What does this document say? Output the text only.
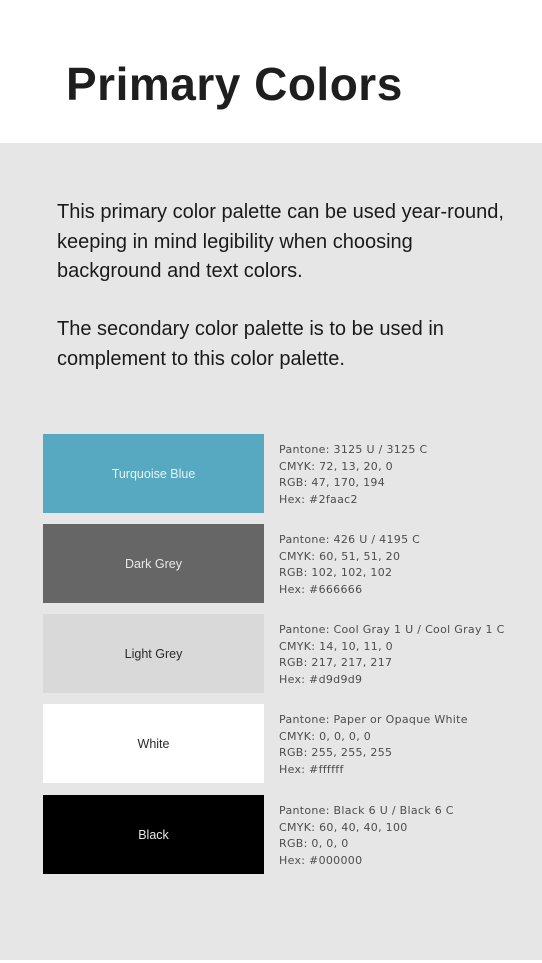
Primary Colors

This primary color palette can be used year-round, keeping in mind legibility when choosing background and text colors.

The secondary color palette is to be used in complement to this color palette.

Turquoise Blue
Pantone: 3125 U / 3125 C
CMYK: 72, 13, 20, 0
RGB: 47, 170, 194
Hex: #2faac2
Dark Grey
Pantone: 426 U / 4195 C
CMYK: 60, 51, 51, 20
RGB: 102, 102, 102
Hex: #666666
Light Grey
Pantone: Cool Gray 1 U / Cool Gray 1 C
CMYK: 14, 10, 11, 0
RGB: 217, 217, 217
Hex: #d9d9d9
White
Pantone: Paper or Opaque White
CMYK: 0, 0, 0, 0
RGB: 255, 255, 255
Hex: #ffffff
Black
Pantone: Black 6 U / Black 6 C
CMYK: 60, 40, 40, 100
RGB: 0, 0, 0
Hex: #000000
